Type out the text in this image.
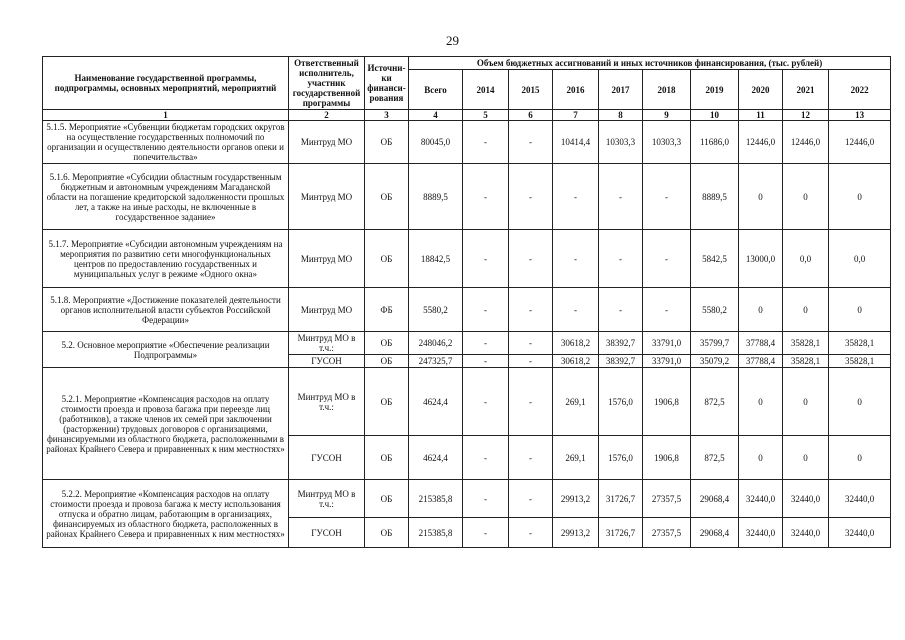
29
Наименование государственной программы, подпрограммы, основных мероприятий, мероприятий	Ответственный исполнитель, участник государственной программы	Источни-ки финанси-рования	Объем бюджетных ассигнований и иных источников финансирования, (тыс. рублей)									
			Всего	2014	2015	2016	2017	2018	2019	2020	2021	2022
1	2	3	4	5	6	7	8	9	10	11	12	13
5.1.5. Мероприятие «Субвенции бюджетам городских округов на осуществление государственных полномочий по организации и осуществлению деятельности органов опеки и попечительства»	Минтруд МО	ОБ	80045,0	-	-	10414,4	10303,3	10303,3	11686,0	12446,0	12446,0	12446,0
5.1.6. Мероприятие «Субсидии областным государственным бюджетным и автономным учреждениям Магаданской области на погашение кредиторской задолженности прошлых лет, а также на иные расходы, не включенные в государственное задание»	Минтруд МО	ОБ	8889,5	-	-	-	-	-	8889,5	0	0	0
5.1.7. Мероприятие «Субсидии автономным учреждениям на мероприятия по развитию сети многофункциональных центров по предоставлению государственных и муниципальных услуг в режиме «Одного окна»	Минтруд МО	ОБ	18842,5	-	-	-	-	-	5842,5	13000,0	0,0	0,0
5.1.8. Мероприятие «Достижение показателей деятельности органов исполнительной власти субъектов Российской Федерации»	Минтруд МО	ФБ	5580,2	-	-	-	-	-	5580,2	0	0	0
5.2. Основное мероприятие «Обеспечение реализации Подпрограммы»	Минтруд МО в т.ч.:	ОБ	248046,2	-	-	30618,2	38392,7	33791,0	35799,7	37788,4	35828,1	35828,1
	ГУСОН	ОБ	247325,7	-	-	30618,2	38392,7	33791,0	35079,2	37788,4	35828,1	35828,1
5.2.1. Мероприятие «Компенсация расходов на оплату стоимости проезда и провоза багажа при переезде лиц (работников), а также членов их семей при заключении (расторжении) трудовых договоров с организациями, финансируемыми из областного бюджета, расположенными в районах Крайнего Севера и приравненных к ним местностях»	Минтруд МО в т.ч.:	ОБ	4624,4	-	-	269,1	1576,0	1906,8	872,5	0	0	0
	ГУСОН	ОБ	4624,4	-	-	269,1	1576,0	1906,8	872,5	0	0	0
5.2.2. Мероприятие «Компенсация расходов на оплату стоимости проезда и провоза багажа к месту использования отпуска и обратно лицам, работающим в организациях, финансируемых из областного бюджета, расположенных в районах Крайнего Севера и приравненных к ним местностях»	Минтруд МО в т.ч.:	ОБ	215385,8	-	-	29913,2	31726,7	27357,5	29068,4	32440,0	32440,0	32440,0
	ГУСОН	ОБ	215385,8	-	-	29913,2	31726,7	27357,5	29068,4	32440,0	32440,0	32440,0
